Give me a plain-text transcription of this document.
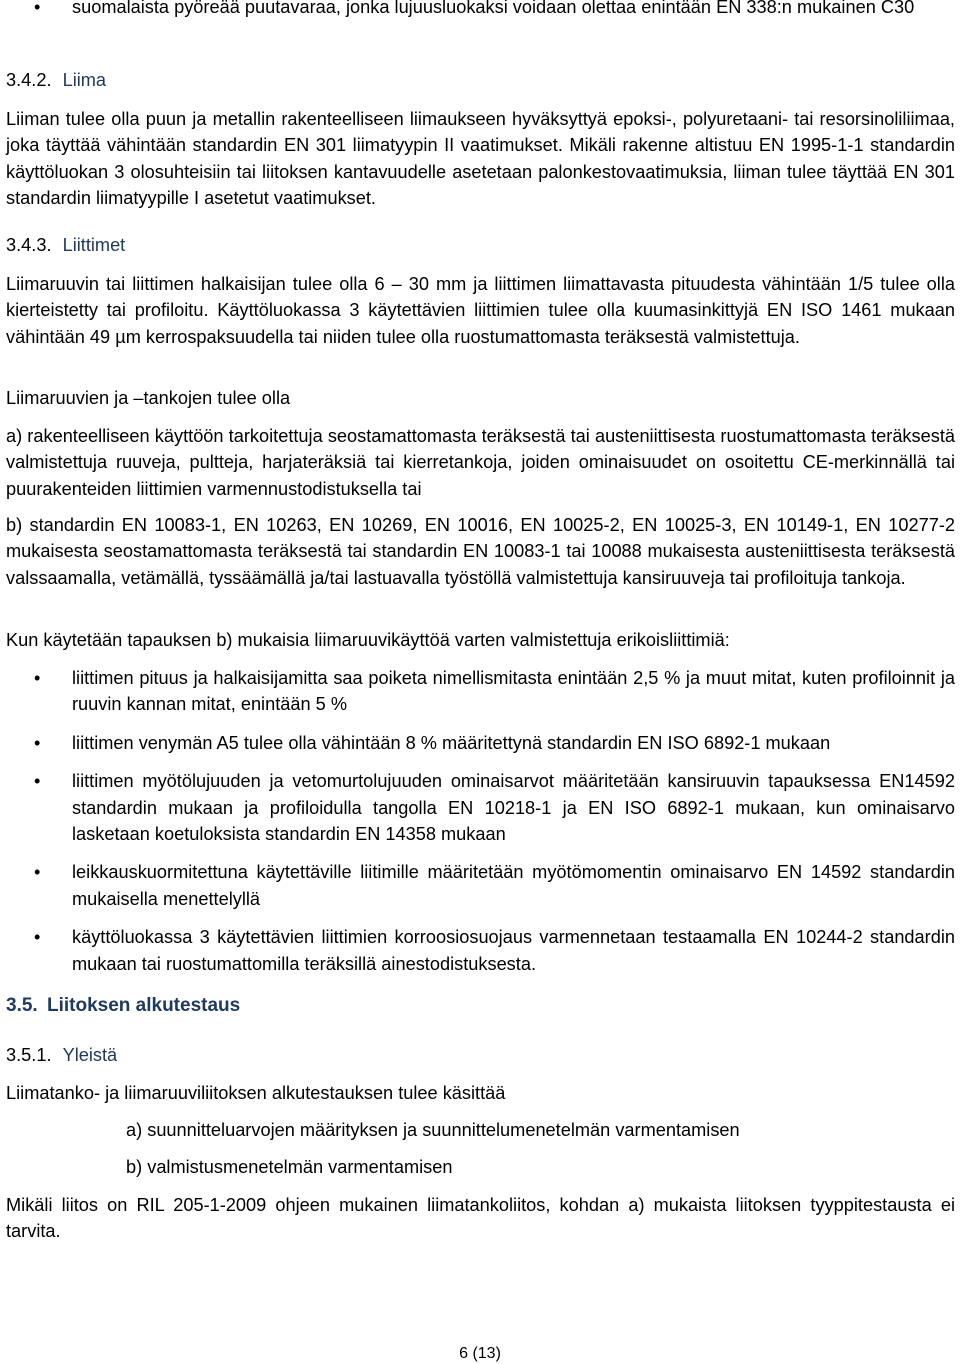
• suomalaista pyöreää puutavaraa, jonka lujuusluokaksi voidaan olettaa enintään EN 338:n mukainen C30
3.4.2. Liima

Liiman tulee olla puun ja metallin rakenteelliseen liimaukseen hyväksyttyä epoksi-, polyuretaani- tai resorsinoliliimaa, joka täyttää vähintään standardin EN 301 liimatyypin II vaatimukset. Mikäli rakenne altistuu EN 1995-1-1 standardin käyttöluokan 3 olosuhteisiin tai liitoksen kantavuudelle asetetaan palonkestovaatimuksia, liiman tulee täyttää EN 301 standardin liimatyypille I asetetut vaatimukset.

3.4.3. Liittimet

Liimaruuvin tai liittimen halkaisijan tulee olla 6 – 30 mm ja liittimen liimattavasta pituudesta vähintään 1/5 tulee olla kierteistetty tai profiloitu. Käyttöluokassa 3 käytettävien liittimien tulee olla kuumasinkittyjä EN ISO 1461 mukaan vähintään 49 µm kerrospaksuudella tai niiden tulee olla ruostumattomasta teräksestä valmistettuja.

Liimaruuvien ja –tankojen tulee olla

a) rakenteelliseen käyttöön tarkoitettuja seostamattomasta teräksestä tai austeniittisesta ruostumattomasta teräksestä valmistettuja ruuveja, pultteja, harjateräksiä tai kierretankoja, joiden ominaisuudet on osoitettu CE-merkinnällä tai puurakenteiden liittimien varmennustodistuksella tai

b) standardin EN 10083-1, EN 10263, EN 10269, EN 10016, EN 10025-2, EN 10025-3, EN 10149-1, EN 10277-2 mukaisesta seostamattomasta teräksestä tai standardin EN 10083-1 tai 10088 mukaisesta austeniittisesta teräksestä valssaamalla, vetämällä, tyssäämällä ja/tai lastuavalla työstöllä valmistettuja kansiruuveja tai profiloituja tankoja.

Kun käytetään tapauksen b) mukaisia liimaruuvikäyttöä varten valmistettuja erikoisliittimiä:

• liittimen pituus ja halkaisijamitta saa poiketa nimellismitasta enintään 2,5 % ja muut mitat, kuten profiloinnit ja ruuvin kannan mitat, enintään 5 %
• liittimen venymän A5 tulee olla vähintään 8 % määritettynä standardin EN ISO 6892-1 mukaan
• liittimen myötölujuuden ja vetomurtolujuuden ominaisarvot määritetään kansiruuvin tapauksessa EN14592 standardin mukaan ja profiloidulla tangolla EN 10218-1 ja EN ISO 6892-1 mukaan, kun ominaisarvo lasketaan koetuloksista standardin EN 14358 mukaan
• leikkauskuormitettuna käytettäville liitimille määritetään myötömomentin ominaisarvo EN 14592 standardin mukaisella menettelyllä
• käyttöluokassa 3 käytettävien liittimien korroosiosuojaus varmennetaan testaamalla EN 10244-2 standardin mukaan tai ruostumattomilla teräksillä ainestodistuksesta.
3.5. Liitoksen alkutestaus
3.5.1. Yleistä

Liimatanko- ja liimaruuviliitoksen alkutestauksen tulee käsittää

a) suunnitteluarvojen määrityksen ja suunnittelumenetelmän varmentamisen
b) valmistusmenetelmän varmentamisen

Mikäli liitos on RIL 205-1-2009 ohjeen mukainen liimatankoliitos, kohdan a) mukaista liitoksen tyyppitestausta ei tarvita.

6 (13)
